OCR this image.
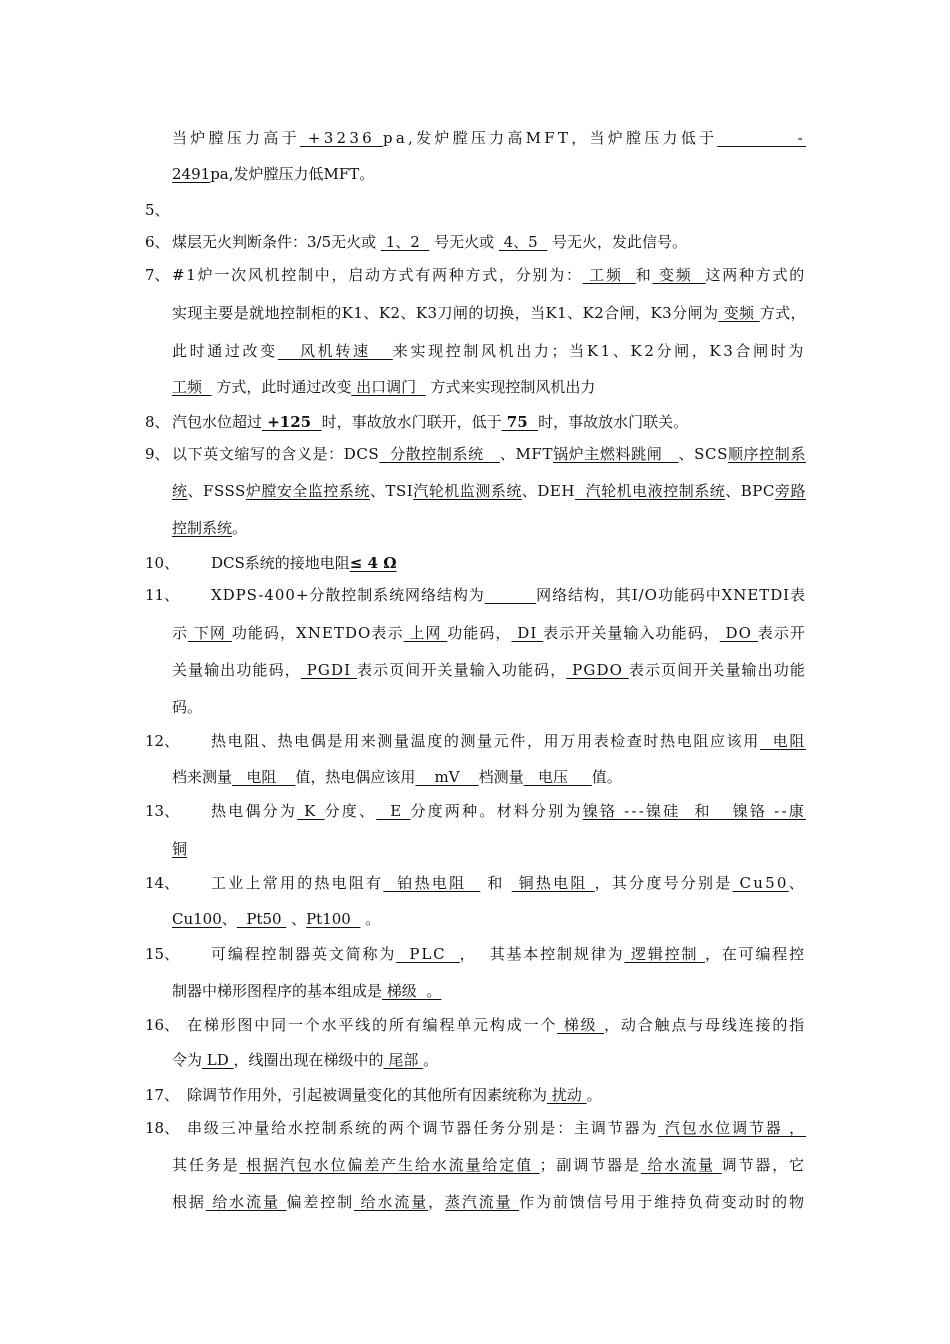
当炉膛压力高于 +3236 pa,发炉膛压力高MFT，当炉膛压力低于          -
2491pa,发炉膛压力低MFT。
5、
6、 煤层无火判断条件：3/5无火或  1、2   号无火或  4、5   号无火，发此信号。
7、 #1炉一次风机控制中，启动方式有两种方式，分别为： 工频  和 变频  这两种方式的
实现主要是就地控制柜的K1、K2、K3刀闸的切换，当K1、K2合闸，K3分闸为 变频 方式，
此时通过改变   风机转速   来实现控制风机出力；当K1、K2分闸，K3合闸时为
工频   方式，此时通过改变 出口调门   方式来实现控制风机出力
8、 汽包水位超过 +125  时，事故放水门联开，低于 75  时，事故放水门联关。
9、 以下英文缩写的含义是：DCS  分散控制系统   、MFT锅炉主燃料跳闸   、SCS顺序控制系
统、FSSS炉膛安全监控系统、TSI汽轮机监测系统、DEH  汽轮机电液控制系统、BPC旁路
控制系统。
10、 DCS系统的接地电阻≤ 4 Ω
11、 XDPS-400+分散控制系统网络结构为	网络结构，其I/O功能码中XNETDI表
示 下网 功能码，XNETDO表示 上网 功能码， DI 表示开关量输入功能码， DO 表示开
关量输出功能码， PGDI 表示页间开关量输入功能码， PGDO 表示页间开关量输出功能
码。
12、 热电阻、热电偶是用来测量温度的测量元件，用万用表检查时热电阻应该用  电阻
档来测量   电阻    值，热电偶应该用    mV    档测量   电压     值。
13、 热电偶分为 K 分度、  E 分度两种。材料分别为镍铬 ---镍硅  和   镍铬 --康
铜
14、 工业上常用的热电阻有  铂热电阻   和  铜热电阻 ，其分度号分别是 Cu50、
Cu100、  Pt50  、Pt100   。
15、 可编程控制器英文简称为  PLC  ，  其基本控制规律为 逻辑控制 ，在可编程控
制器中梯形图程序的基本组成是 梯级  。
16、 在梯形图中同一个水平线的所有编程单元构成一个 梯级 ，动合触点与母线连接的指
令为 LD ，线圈出现在梯级中的 尾部 。
17、 除调节作用外，引起被调量变化的其他所有因素统称为 扰动 。
18、 串级三冲量给水控制系统的两个调节器任务分别是：主调节器为 汽包水位调节器 ，
其任务是 根据汽包水位偏差产生给水流量给定值 ；副调节器是 给水流量 调节器，它
根据 给水流量 偏差控制 给水流量，蒸汽流量 作为前馈信号用于维持负荷变动时的物
